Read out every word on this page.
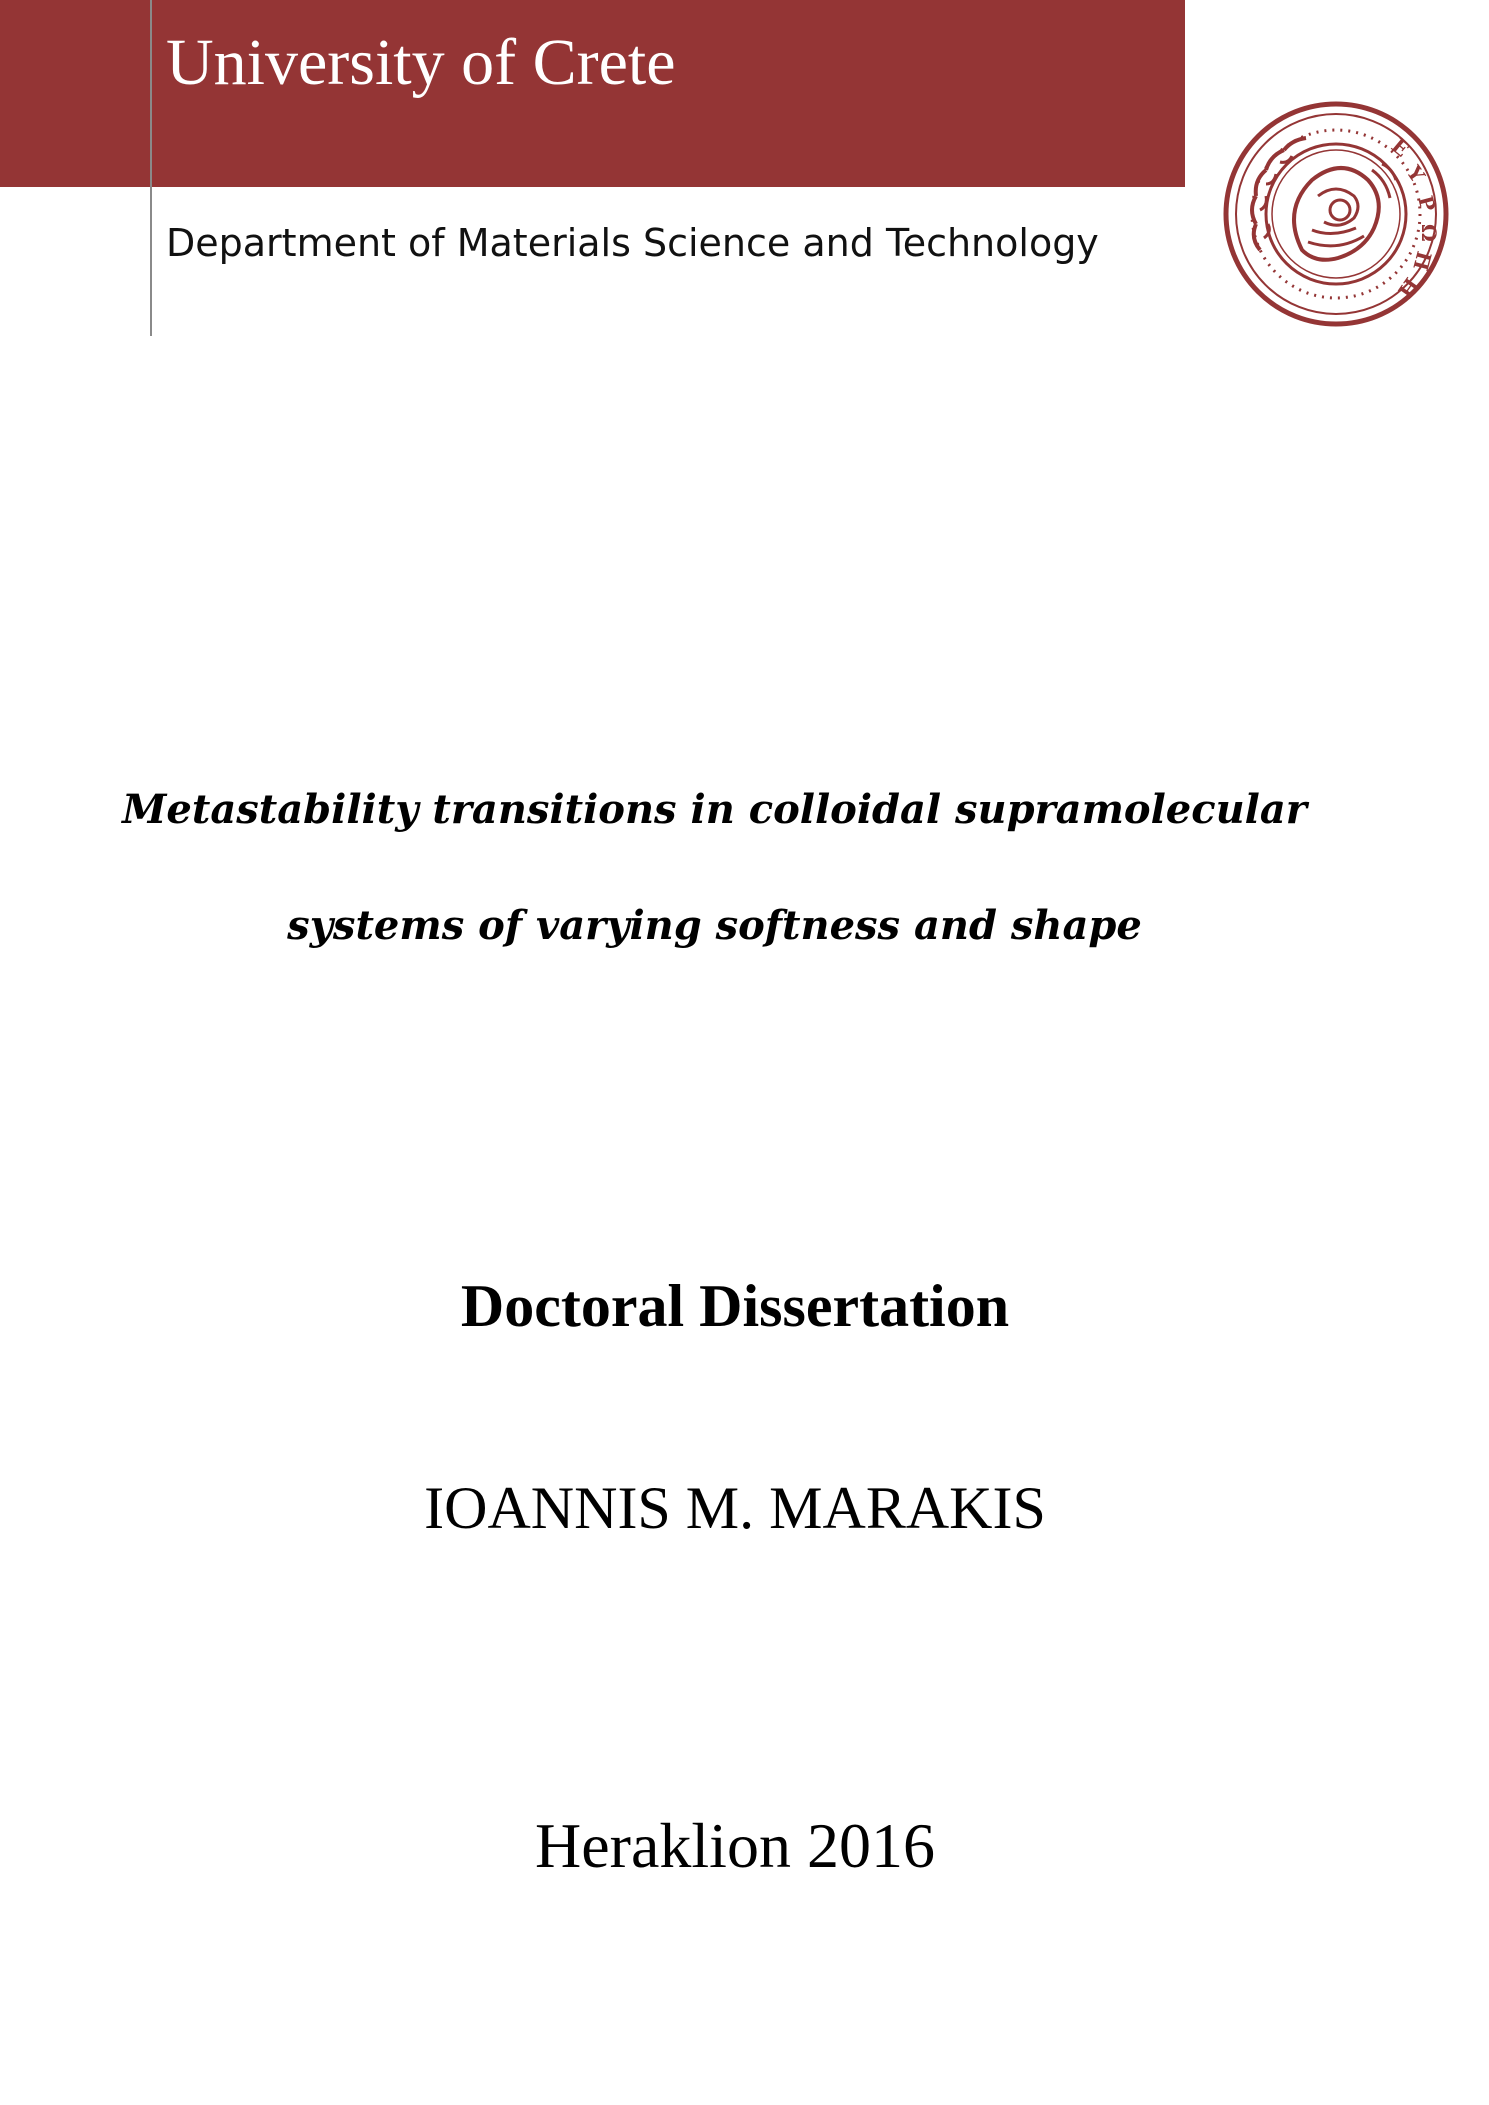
University of Crete
Department of Materials Science and Technology
Ε
Υ
Ρ
Ω
Π
Η
Metastability transitions in colloidal supramolecular
systems of varying softness and shape
Doctoral Dissertation
IOANNIS M. MARAKIS
Heraklion 2016
